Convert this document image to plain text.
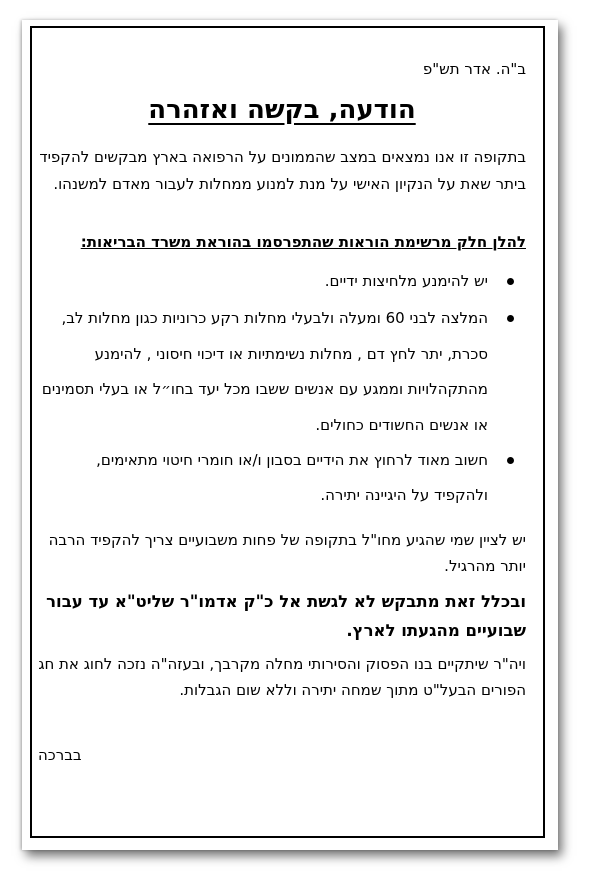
ב"ה. אדר תש"פ
הודעה, בקשה ואזהרה
בתקופה זו אנו נמצאים במצב שהממונים על הרפואה בארץ מבקשים להקפיד ביתר שאת על הנקיון האישי על מנת למנוע ממחלות לעבור מאדם למשנהו.
להלן חלק מרשימת הוראות שהתפרסמו בהוראת משרד הבריאות:
יש להימנע מלחיצות ידיים.
המלצה לבני 60 ומעלה ולבעלי מחלות רקע כרוניות כגון מחלות לב, סכרת, יתר לחץ דם , מחלות נשימתיות או דיכוי חיסוני , להימנע מהתקהלויות וממגע עם אנשים ששבו מכל יעד בחו״ל או בעלי תסמינים או אנשים החשודים כחולים.
חשוב מאוד לרחוץ את הידיים בסבון ו/או חומרי חיטוי מתאימים, ולהקפיד על היגיינה יתירה.
יש לציין שמי שהגיע מחו"ל בתקופה של פחות משבועיים צריך להקפיד הרבה יותר מהרגיל.
ובכלל זאת מתבקש לא לגשת אל כ"ק אדמו"ר שליט"א עד עבור שבועיים מהגעתו לארץ.
ויה"ר שיתקיים בנו הפסוק והסירותי מחלה מקרבך, ובעזה"ה נזכה לחוג את חג הפורים הבעל"ט מתוך שמחה יתירה וללא שום הגבלות.
בברכה
